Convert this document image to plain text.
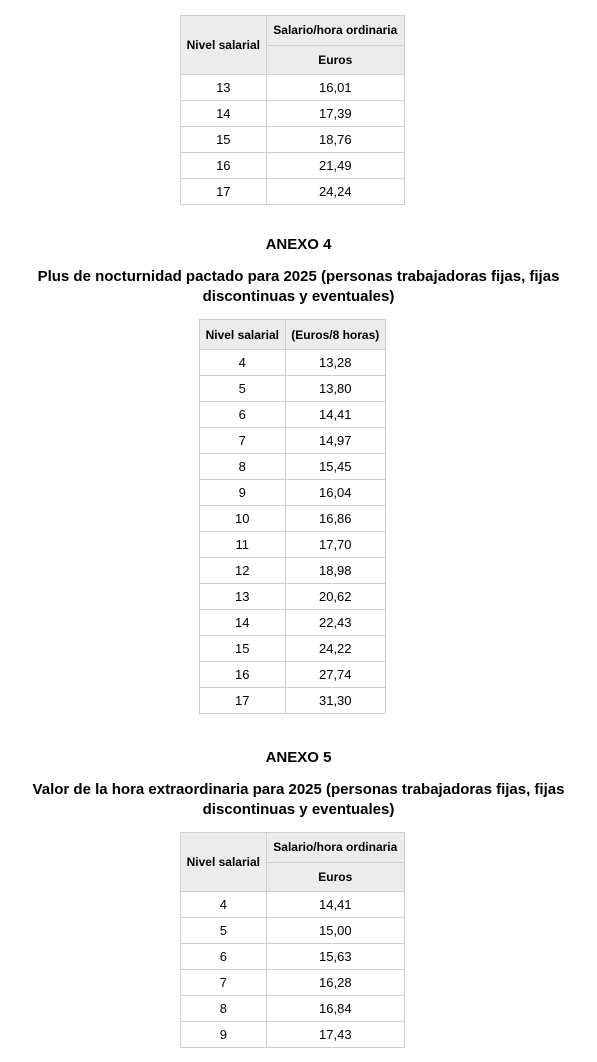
Nivel salarial	Salario/hora ordinaria
	Euros
13	16,01
14	17,39
15	18,76
16	21,49
17	24,24
ANEXO 4
Plus de nocturnidad pactado para 2025 (personas trabajadoras fijas, fijas discontinuas y eventuales)
Nivel salarial	(Euros/8 horas)
4	13,28
5	13,80
6	14,41
7	14,97
8	15,45
9	16,04
10	16,86
11	17,70
12	18,98
13	20,62
14	22,43
15	24,22
16	27,74
17	31,30
ANEXO 5
Valor de la hora extraordinaria para 2025 (personas trabajadoras fijas, fijas discontinuas y eventuales)
Nivel salarial	Salario/hora ordinaria
	Euros
4	14,41
5	15,00
6	15,63
7	16,28
8	16,84
9	17,43
